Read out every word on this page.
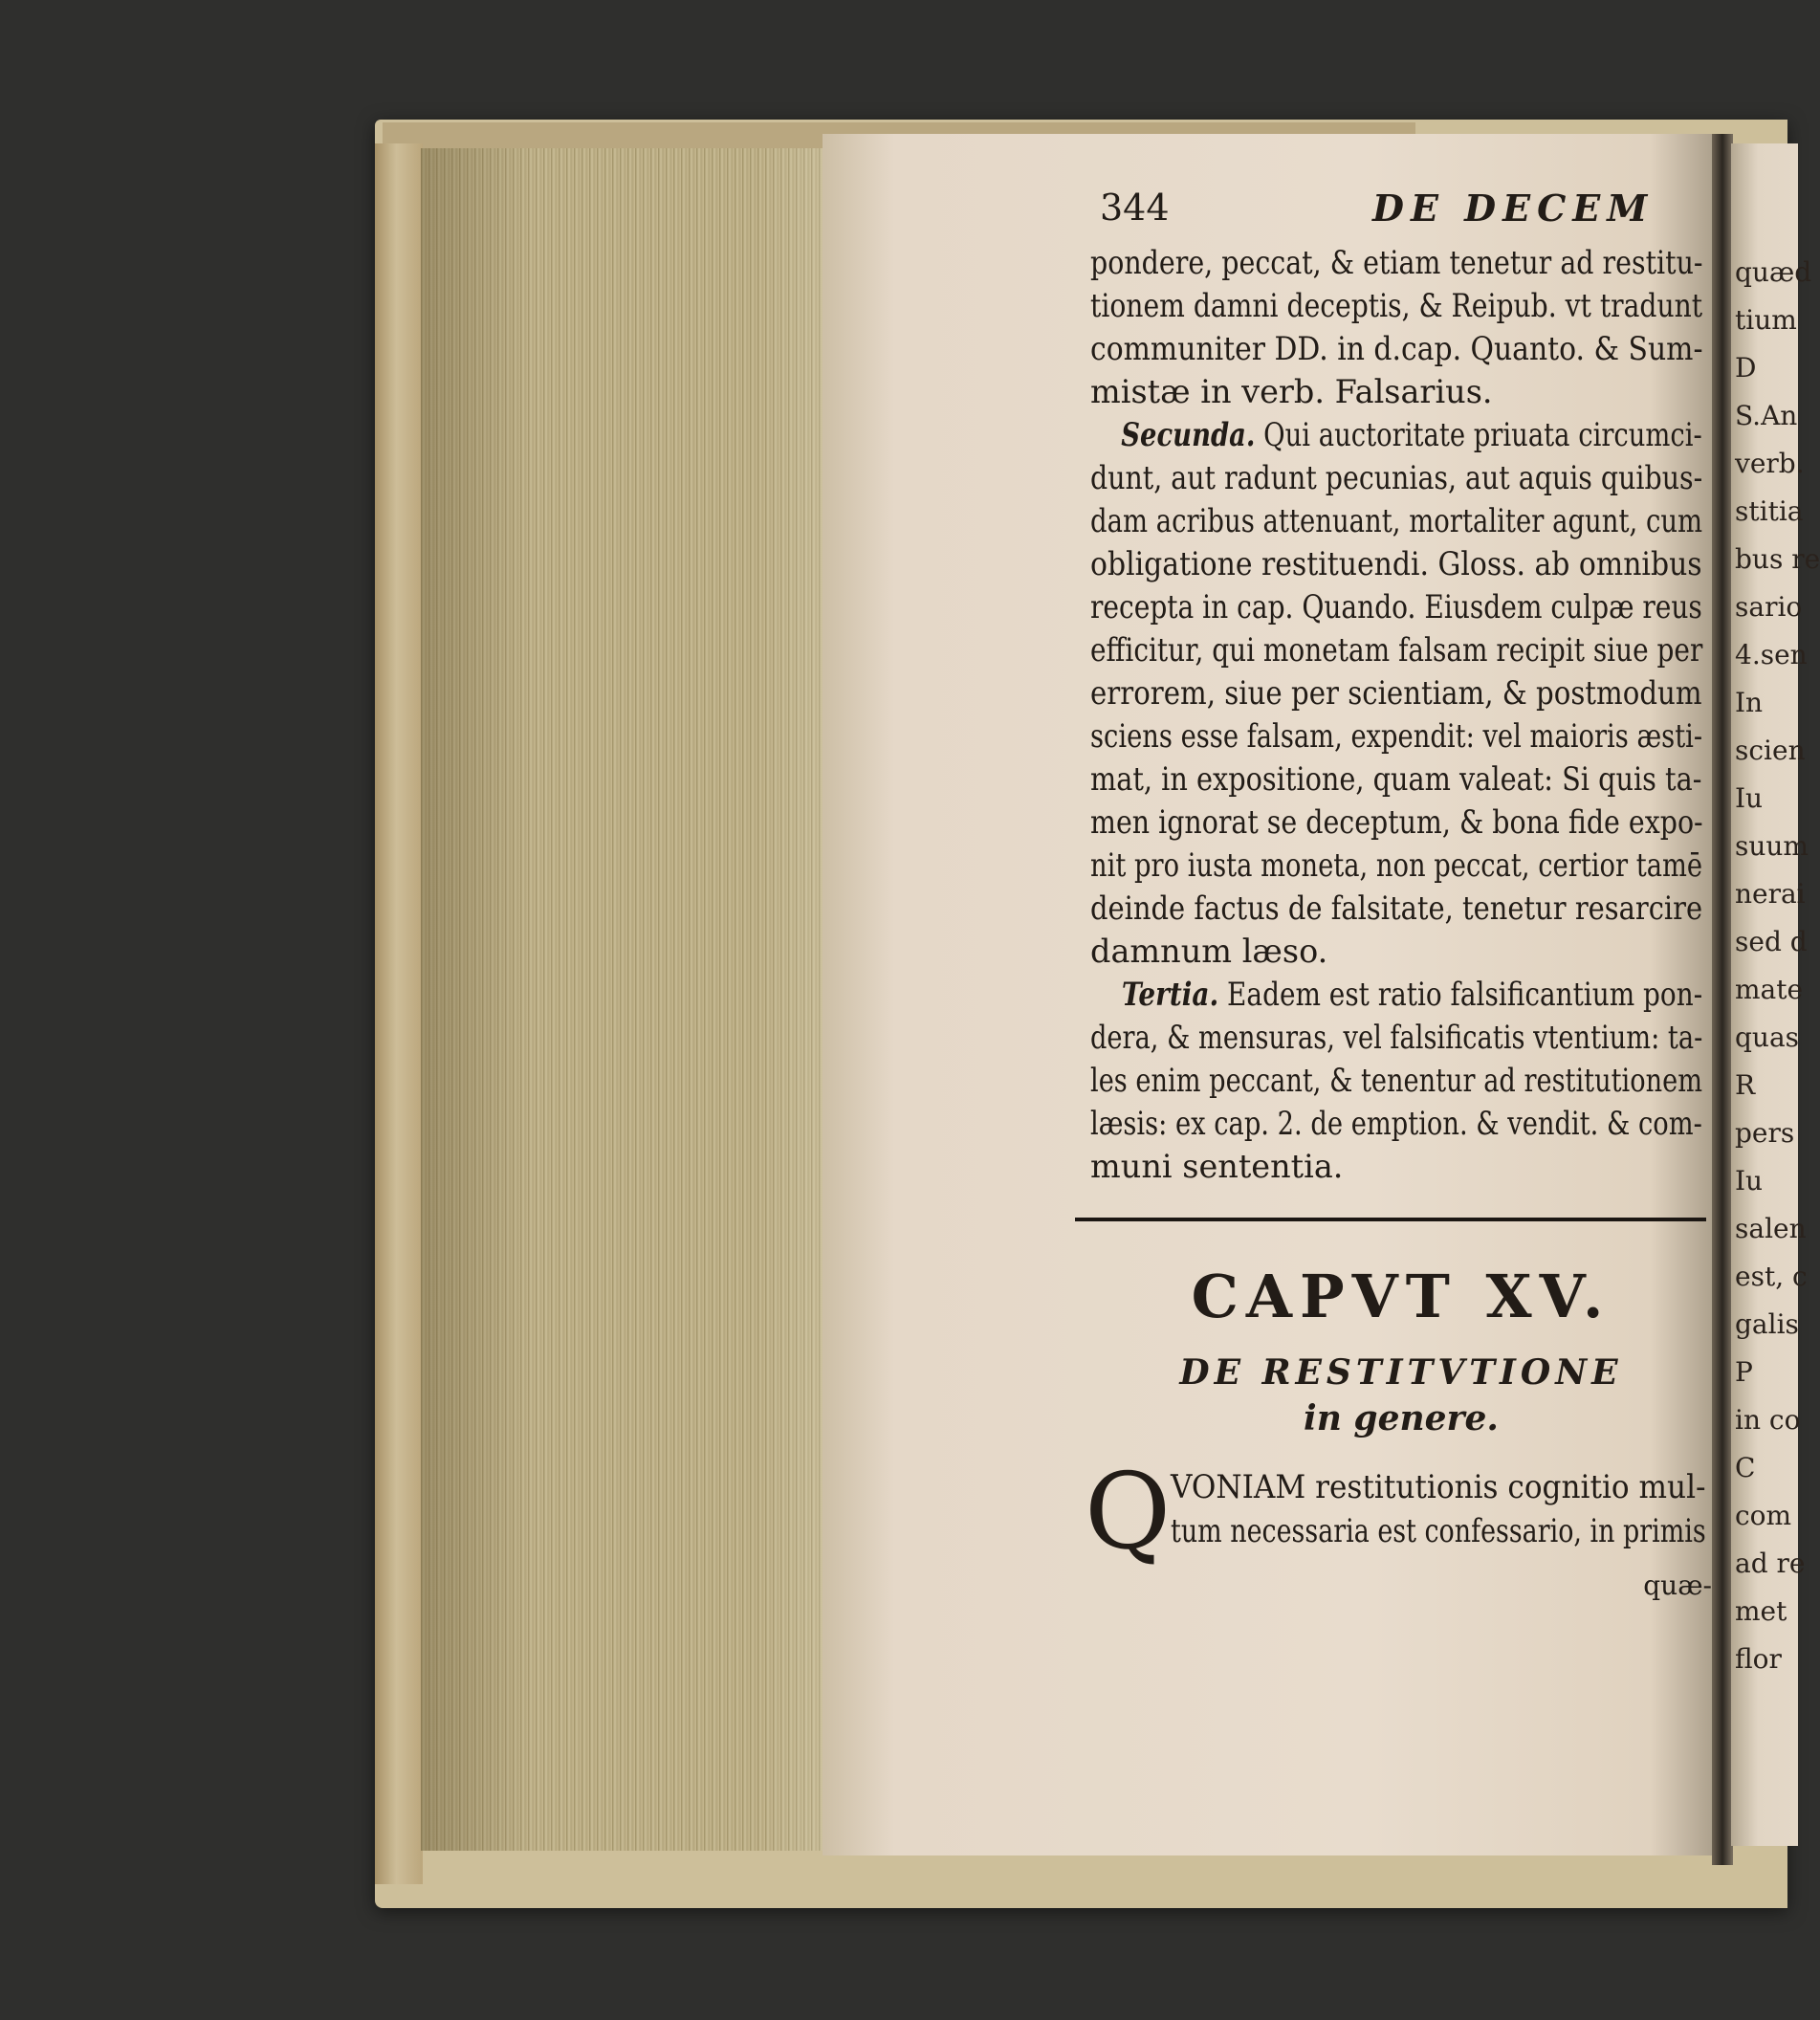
quæd
tium
D
S.An
verb.
stitia
bus re
sario
4.sen
In
scien
Iu
suum
nerai
sed d
mate
quas
R
pers
Iu
salen
est, c
galis
P
in co
C
com
ad re
met
flor
344	DE DECEM
pondere, peccat, & etiam tenetur ad restitu-
tionem damni deceptis, & Reipub. vt tradunt
communiter DD. in d.cap. Quanto. & Sum-
mistæ in verb. Falsarius.
Secunda. Qui auctoritate priuata circumci-
dunt, aut radunt pecunias, aut aquis quibus-
dam acribus attenuant, mortaliter agunt, cum
obligatione restituendi. Gloss. ab omnibus
recepta in cap. Quando. Eiusdem culpæ reus
efficitur, qui monetam falsam recipit siue per
errorem, siue per scientiam, & postmodum
sciens esse falsam, expendit: vel maioris æsti-
mat, in expositione, quam valeat: Si quis ta-
men ignorat se deceptum, & bona fide expo-
nit pro iusta moneta, non peccat, certior tamē
deinde factus de falsitate, tenetur resarcire
damnum læso.
Tertia. Eadem est ratio falsificantium pon-
dera, & mensuras, vel falsificatis vtentium: ta-
les enim peccant, & tenentur ad restitutionem
læsis: ex cap. 2. de emption. & vendit. & com-
muni sententia.
CAPVT XV.
DE RESTITVTIONE
in genere.
Q VONIAM restitutionis cognitio mul-
tum necessaria est confessario, in primis
quæ-
